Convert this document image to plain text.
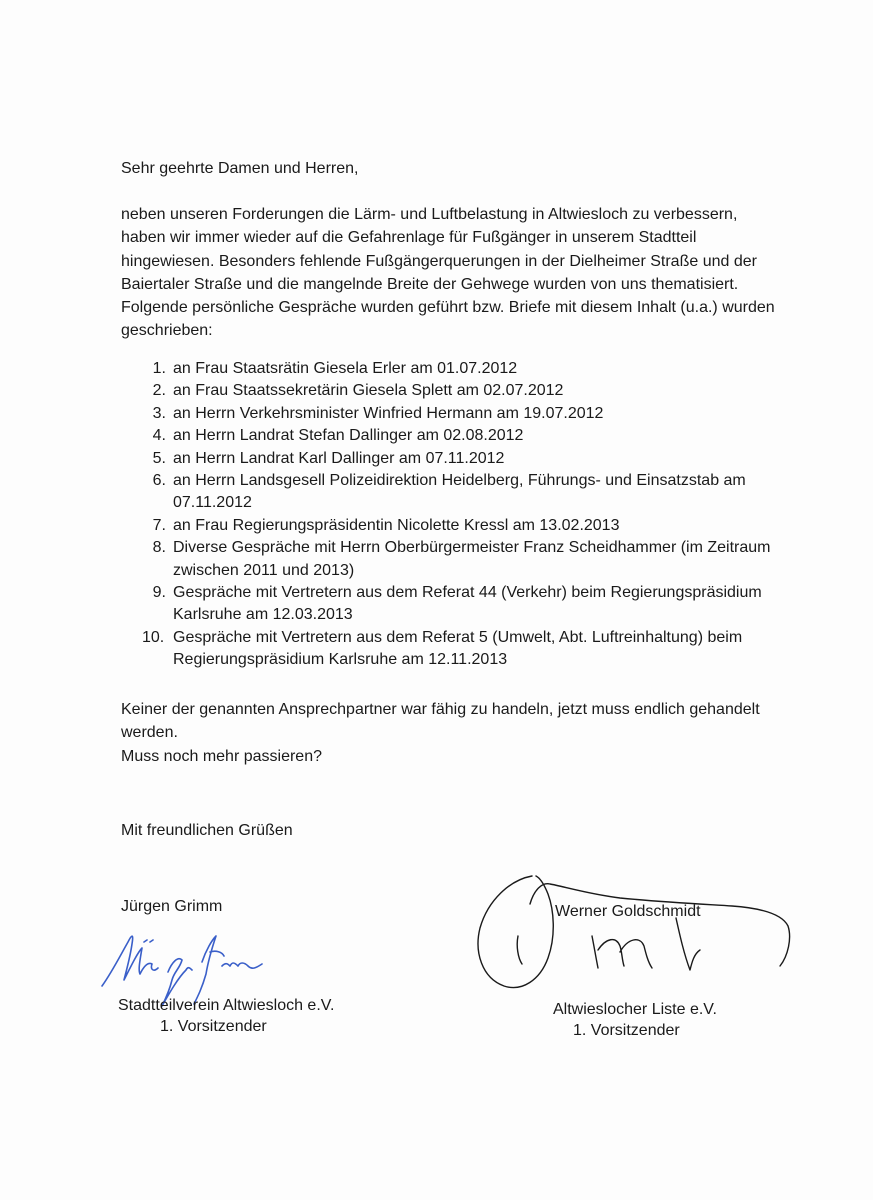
Sehr geehrte Damen und Herren,

neben unseren Forderungen die Lärm- und Luftbelastung in Altwiesloch zu verbessern, haben wir immer wieder auf die Gefahrenlage für Fußgänger in unserem Stadtteil hingewiesen. Besonders fehlende Fußgängerquerungen in der Dielheimer Straße und der Baiertaler Straße und die mangelnde Breite der Gehwege wurden von uns thematisiert. Folgende persönliche Gespräche wurden geführt bzw. Briefe mit diesem Inhalt (u.a.) wurden geschrieben:

1. an Frau Staatsrätin Giesela Erler am 01.07.2012
2. an Frau Staatssekretärin Giesela Splett am 02.07.2012
3. an Herrn Verkehrsminister Winfried Hermann am 19.07.2012
4. an Herrn Landrat Stefan Dallinger am 02.08.2012
5. an Herrn Landrat Karl Dallinger am 07.11.2012
6. an Herrn Landsgesell Polizeidirektion Heidelberg, Führungs- und Einsatzstab am 07.11.2012
7. an Frau Regierungspräsidentin Nicolette Kressl am 13.02.2013
8. Diverse Gespräche mit Herrn Oberbürgermeister Franz Scheidhammer (im Zeitraum zwischen 2011 und 2013)
9. Gespräche mit Vertretern aus dem Referat 44 (Verkehr) beim Regierungspräsidium Karlsruhe am 12.03.2013
10. Gespräche mit Vertretern aus dem Referat 5 (Umwelt, Abt. Luftreinhaltung) beim Regierungspräsidium Karlsruhe am 12.11.2013

Keiner der genannten Ansprechpartner war fähig zu handeln, jetzt muss endlich gehandelt werden.

Muss noch mehr passieren?

Mit freundlichen Grüßen
Jürgen Grimm
Stadtteilverein Altwiesloch e.V.
1. Vorsitzender
Werner Goldschmidt
Altwieslocher Liste e.V.
1. Vorsitzender
